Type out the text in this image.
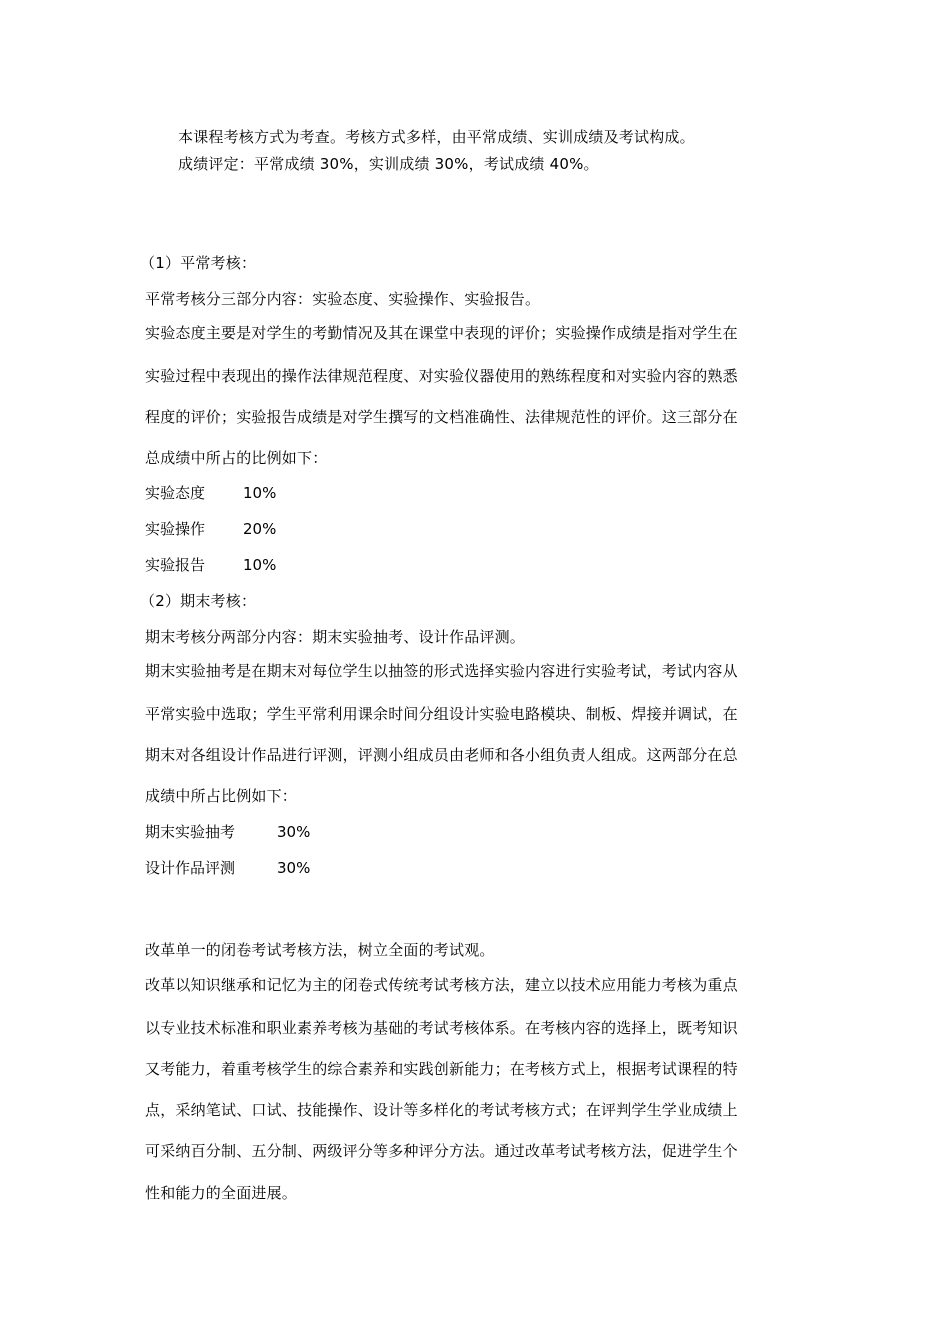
本课程考核方式为考查。考核方式多样，由平常成绩、实训成绩及考试构成。
成绩评定：平常成绩 30%，实训成绩 30%，考试成绩 40%。
（1）平常考核：
平常考核分三部分内容：实验态度、实验操作、实验报告。
实验态度主要是对学生的考勤情况及其在课堂中表现的评价；实验操作成绩是指对学生在
实验过程中表现出的操作法律规范程度、对实验仪器使用的熟练程度和对实验内容的熟悉
程度的评价；实验报告成绩是对学生撰写的文档准确性、法律规范性的评价。这三部分在
总成绩中所占的比例如下：
实验态度	10%
实验操作	20%
实验报告	10%
（2）期末考核：
期末考核分两部分内容：期末实验抽考、设计作品评测。
期末实验抽考是在期末对每位学生以抽签的形式选择实验内容进行实验考试，考试内容从
平常实验中选取；学生平常利用课余时间分组设计实验电路模块、制板、焊接并调试，在
期末对各组设计作品进行评测，评测小组成员由老师和各小组负责人组成。这两部分在总
成绩中所占比例如下：
期末实验抽考	30%
设计作品评测	30%
改革单一的闭卷考试考核方法，树立全面的考试观。
改革以知识继承和记忆为主的闭卷式传统考试考核方法，建立以技术应用能力考核为重点
以专业技术标准和职业素养考核为基础的考试考核体系。在考核内容的选择上，既考知识
又考能力，着重考核学生的综合素养和实践创新能力；在考核方式上，根据考试课程的特
点，采纳笔试、口试、技能操作、设计等多样化的考试考核方式；在评判学生学业成绩上
可采纳百分制、五分制、两级评分等多种评分方法。通过改革考试考核方法，促进学生个
性和能力的全面进展。
